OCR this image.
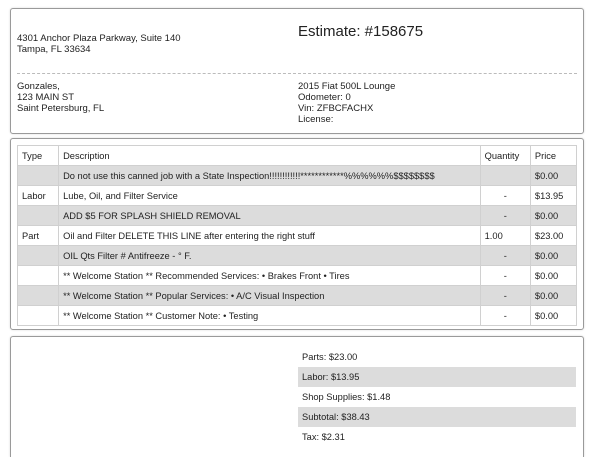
4301 Anchor Plaza Parkway, Suite 140
Tampa, FL 33634
Estimate: #158675
Gonzales,
123 MAIN ST
Saint Petersburg, FL
2015 Fiat 500L Lounge
Odometer: 0
Vin: ZFBCFACHX
License:
Type	Description	Quantity	Price
	Do not use this canned job with a State Inspection!!!!!!!!!!!!************%%%%%%$$$$$$$$		$0.00
Labor	Lube, Oil, and Filter Service	-	$13.95
	ADD $5 FOR SPLASH SHIELD REMOVAL	-	$0.00
Part	Oil and Filter DELETE THIS LINE after entering the right stuff	1.00	$23.00
	OIL Qts Filter # Antifreeze - ° F.	-	$0.00
	** Welcome Station ** Recommended Services: • Brakes Front • Tires	-	$0.00
	** Welcome Station ** Popular Services: • A/C Visual Inspection	-	$0.00
	** Welcome Station ** Customer Note: • Testing	-	$0.00
Parts: $23.00
Labor: $13.95
Shop Supplies: $1.48
Subtotal: $38.43
Tax: $2.31
